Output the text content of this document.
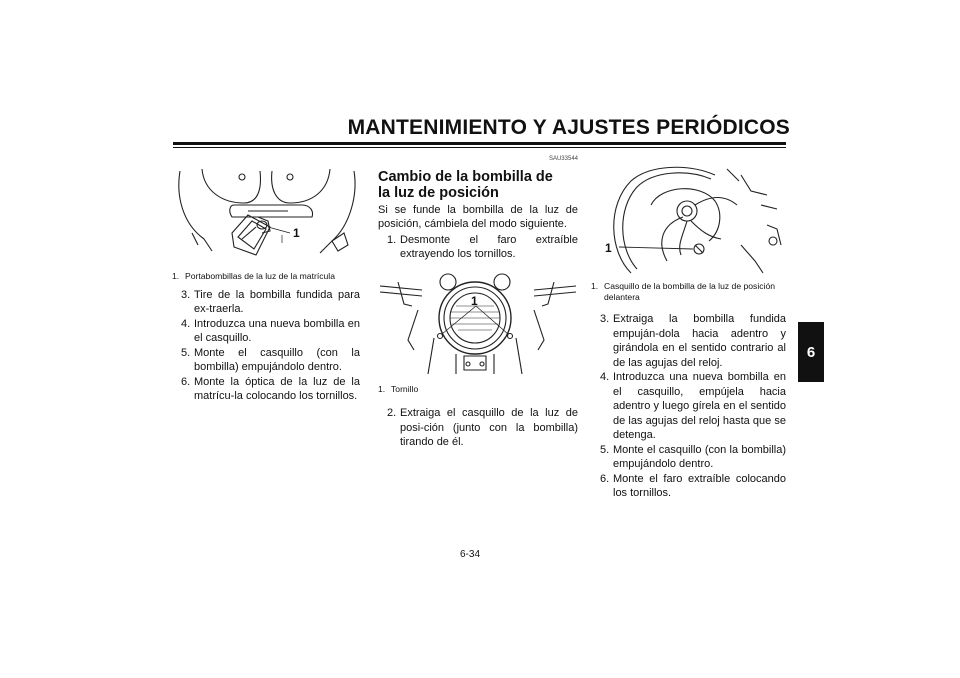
MANTENIMIENTO Y AJUSTES PERIÓDICOS
6
1
1. Portabombillas de la luz de la matrícula
3. Tire de la bombilla fundida para ex-traerla.
4. Introduzca una nueva bombilla en el casquillo.
5. Monte el casquillo (con la bombilla) empujándolo dentro.
6. Monte la óptica de la luz de la matrícu-la colocando los tornillos.
SAU33544
Cambio de la bombilla de la luz de posición

Si se funde la bombilla de la luz de posición, cámbiela del modo siguiente.

1. Desmonte el faro extraíble extrayendo los tornillos.
1
1. Tornillo
2. Extraiga el casquillo de la luz de posi-ción (junto con la bombilla) tirando de él.
1
1. Casquillo de la bombilla de la luz de posición delantera
3. Extraiga la bombilla fundida empuján-dola hacia adentro y girándola en el sentido contrario al de las agujas del reloj.
4. Introduzca una nueva bombilla en el casquillo, empújela hacia adentro y luego gírela en el sentido de las agujas del reloj hasta que se detenga.
5. Monte el casquillo (con la bombilla) empujándolo dentro.
6. Monte el faro extraíble colocando los tornillos.
6-34
